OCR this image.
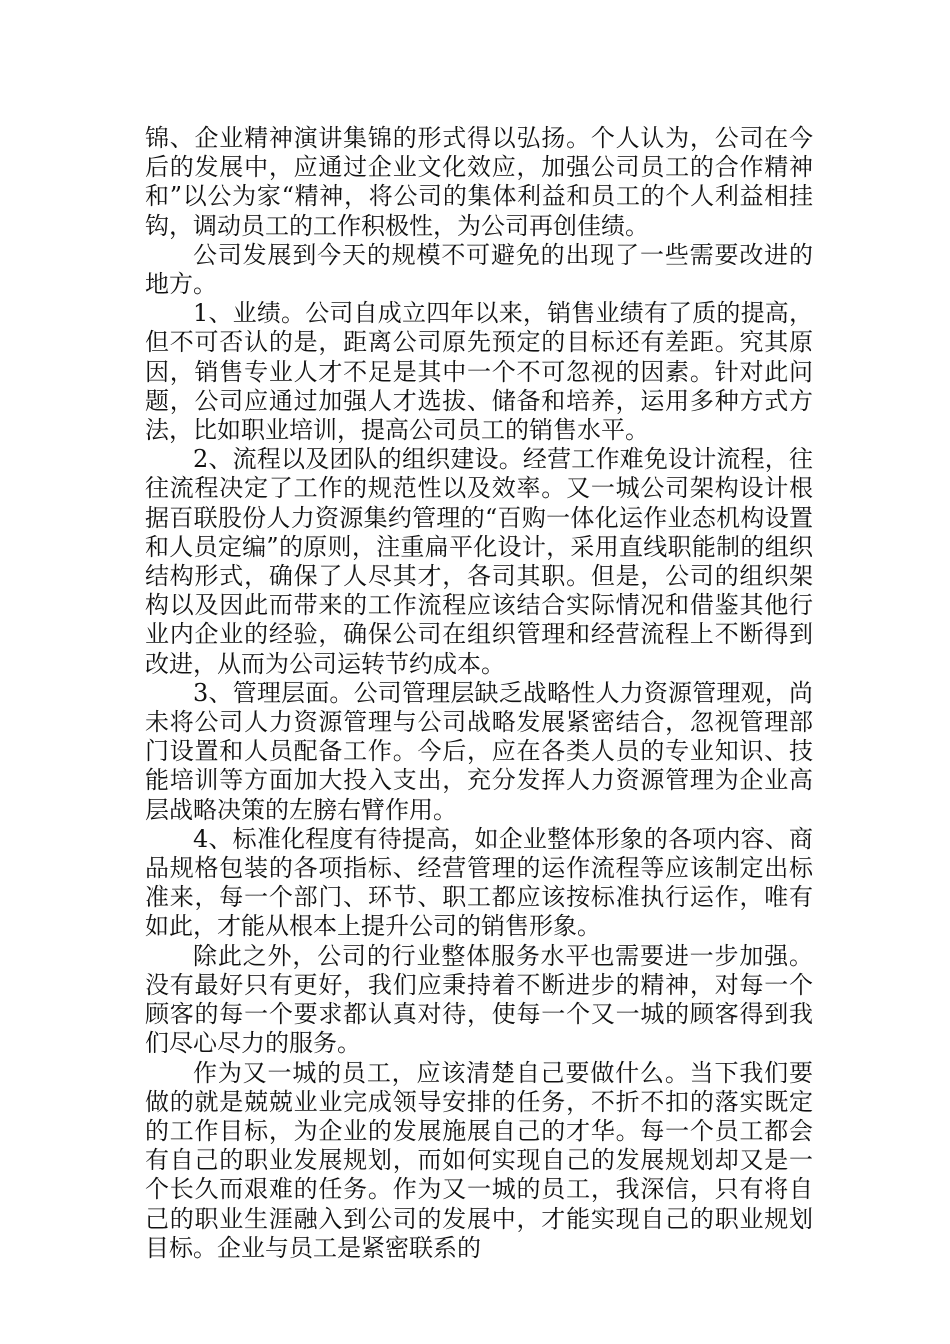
锦、企业精神演讲集锦的形式得以弘扬。个人认为，公司在今后的发展中，应通过企业文化效应，加强公司员工的合作精神和”以公为家“精神，将公司的集体利益和员工的个人利益相挂钩，调动员工的工作积极性，为公司再创佳绩。

公司发展到今天的规模不可避免的出现了一些需要改进的地方。

1、业绩。公司自成立四年以来，销售业绩有了质的提高，但不可否认的是，距离公司原先预定的目标还有差距。究其原因，销售专业人才不足是其中一个不可忽视的因素。针对此问题，公司应通过加强人才选拔、储备和培养，运用多种方式方法，比如职业培训，提高公司员工的销售水平。

2、流程以及团队的组织建设。经营工作难免设计流程，往往流程决定了工作的规范性以及效率。又一城公司架构设计根据百联股份人力资源集约管理的“百购一体化运作业态机构设置和人员定编”的原则，注重扁平化设计，采用直线职能制的组织结构形式，确保了人尽其才，各司其职。但是，公司的组织架构以及因此而带来的工作流程应该结合实际情况和借鉴其他行业内企业的经验，确保公司在组织管理和经营流程上不断得到改进，从而为公司运转节约成本。

3、管理层面。公司管理层缺乏战略性人力资源管理观，尚未将公司人力资源管理与公司战略发展紧密结合，忽视管理部门设置和人员配备工作。今后，应在各类人员的专业知识、技能培训等方面加大投入支出，充分发挥人力资源管理为企业高层战略决策的左膀右臂作用。

4、标准化程度有待提高，如企业整体形象的各项内容、商品规格包装的各项指标、经营管理的运作流程等应该制定出标准来，每一个部门、环节、职工都应该按标准执行运作，唯有如此，才能从根本上提升公司的销售形象。

除此之外，公司的行业整体服务水平也需要进一步加强。没有最好只有更好，我们应秉持着不断进步的精神，对每一个顾客的每一个要求都认真对待，使每一个又一城的顾客得到我们尽心尽力的服务。

作为又一城的员工，应该清楚自己要做什么。当下我们要做的就是兢兢业业完成领导安排的任务，不折不扣的落实既定的工作目标，为企业的发展施展自己的才华。每一个员工都会有自己的职业发展规划，而如何实现自己的发展规划却又是一个长久而艰难的任务。作为又一城的员工，我深信，只有将自己的职业生涯融入到公司的发展中，才能实现自己的职业规划目标。企业与员工是紧密联系的
